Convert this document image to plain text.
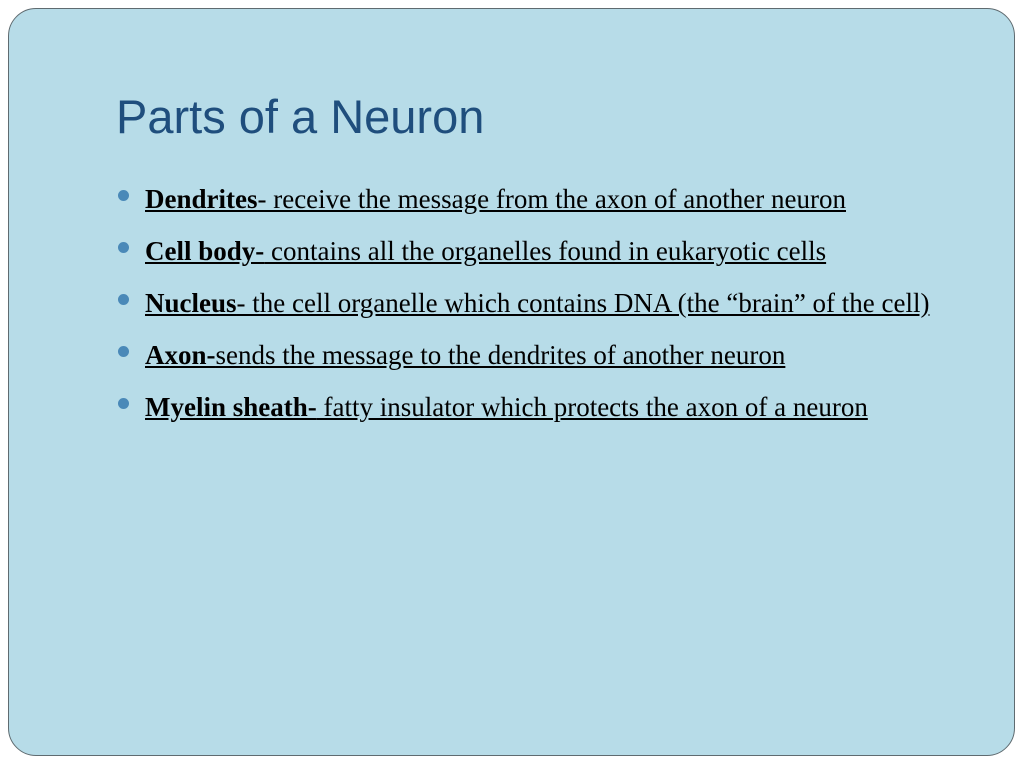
Parts of a Neuron
Dendrites- receive the message from the axon of another neuron
Cell body- contains all the organelles found in eukaryotic cells
Nucleus- the cell organelle which contains DNA (the “brain” of the cell)
Axon-sends the message to the dendrites of another neuron
Myelin sheath- fatty insulator which protects the axon of a neuron
